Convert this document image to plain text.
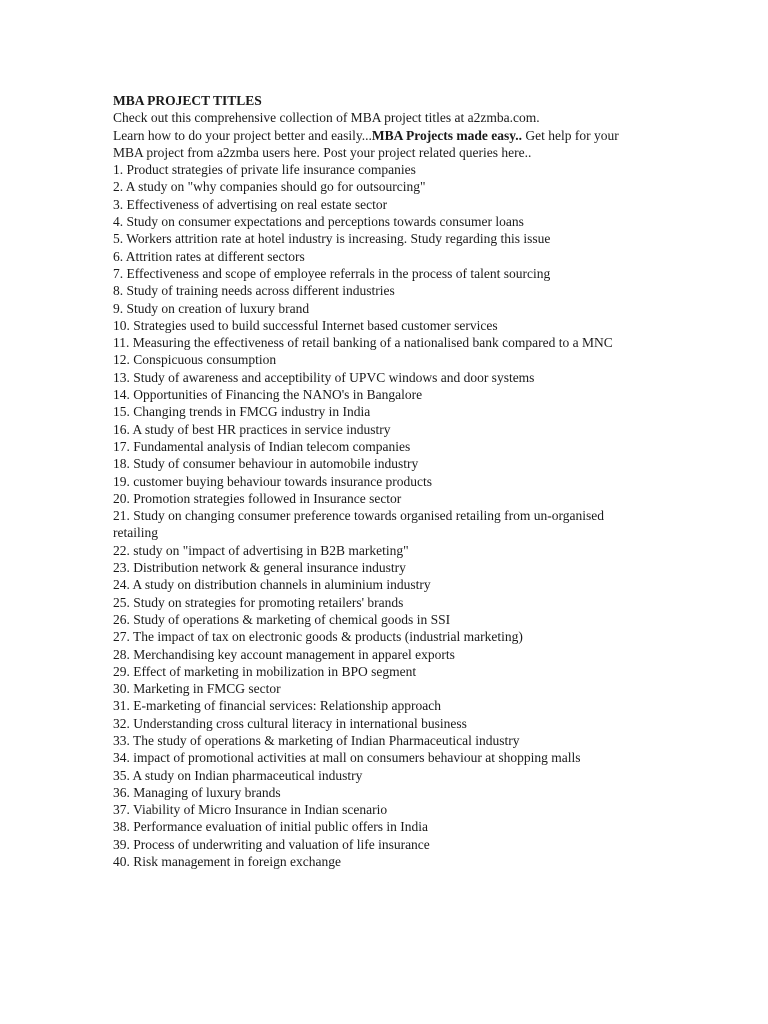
MBA PROJECT TITLES

Check out this comprehensive collection of MBA project titles at a2zmba.com.

Learn how to do your project better and easily...MBA Projects made easy.. Get help for your MBA project from a2zmba users here. Post your project related queries here..

1. Product strategies of private life insurance companies
2. A study on "why companies should go for outsourcing"
3. Effectiveness of advertising on real estate sector
4. Study on consumer expectations and perceptions towards consumer loans
5. Workers attrition rate at hotel industry is increasing. Study regarding this issue
6. Attrition rates at different sectors
7. Effectiveness and scope of employee referrals in the process of talent sourcing
8. Study of training needs across different industries
9. Study on creation of luxury brand
10. Strategies used to build successful Internet based customer services
11. Measuring the effectiveness of retail banking of a nationalised bank compared to a MNC
12. Conspicuous consumption
13. Study of awareness and acceptibility of UPVC windows and door systems
14. Opportunities of Financing the NANO's in Bangalore
15. Changing trends in FMCG industry in India
16. A study of best HR practices in service industry
17. Fundamental analysis of Indian telecom companies
18. Study of consumer behaviour in automobile industry
19. customer buying behaviour towards insurance products
20. Promotion strategies followed in Insurance sector
21. Study on changing consumer preference towards organised retailing from un-organised retailing
22. study on "impact of advertising in B2B marketing"
23. Distribution network & general insurance industry
24. A study on distribution channels in aluminium industry
25. Study on strategies for promoting retailers' brands
26. Study of operations & marketing of chemical goods in SSI
27. The impact of tax on electronic goods & products (industrial marketing)
28. Merchandising key account management in apparel exports
29. Effect of marketing in mobilization in BPO segment
30. Marketing in FMCG sector
31. E-marketing of financial services: Relationship approach
32. Understanding cross cultural literacy in international business
33. The study of operations & marketing of Indian Pharmaceutical industry
34. impact of promotional activities at mall on consumers behaviour at shopping malls
35. A study on Indian pharmaceutical industry
36. Managing of luxury brands
37. Viability of Micro Insurance in Indian scenario
38. Performance evaluation of initial public offers in India
39. Process of underwriting and valuation of life insurance
40. Risk management in foreign exchange
